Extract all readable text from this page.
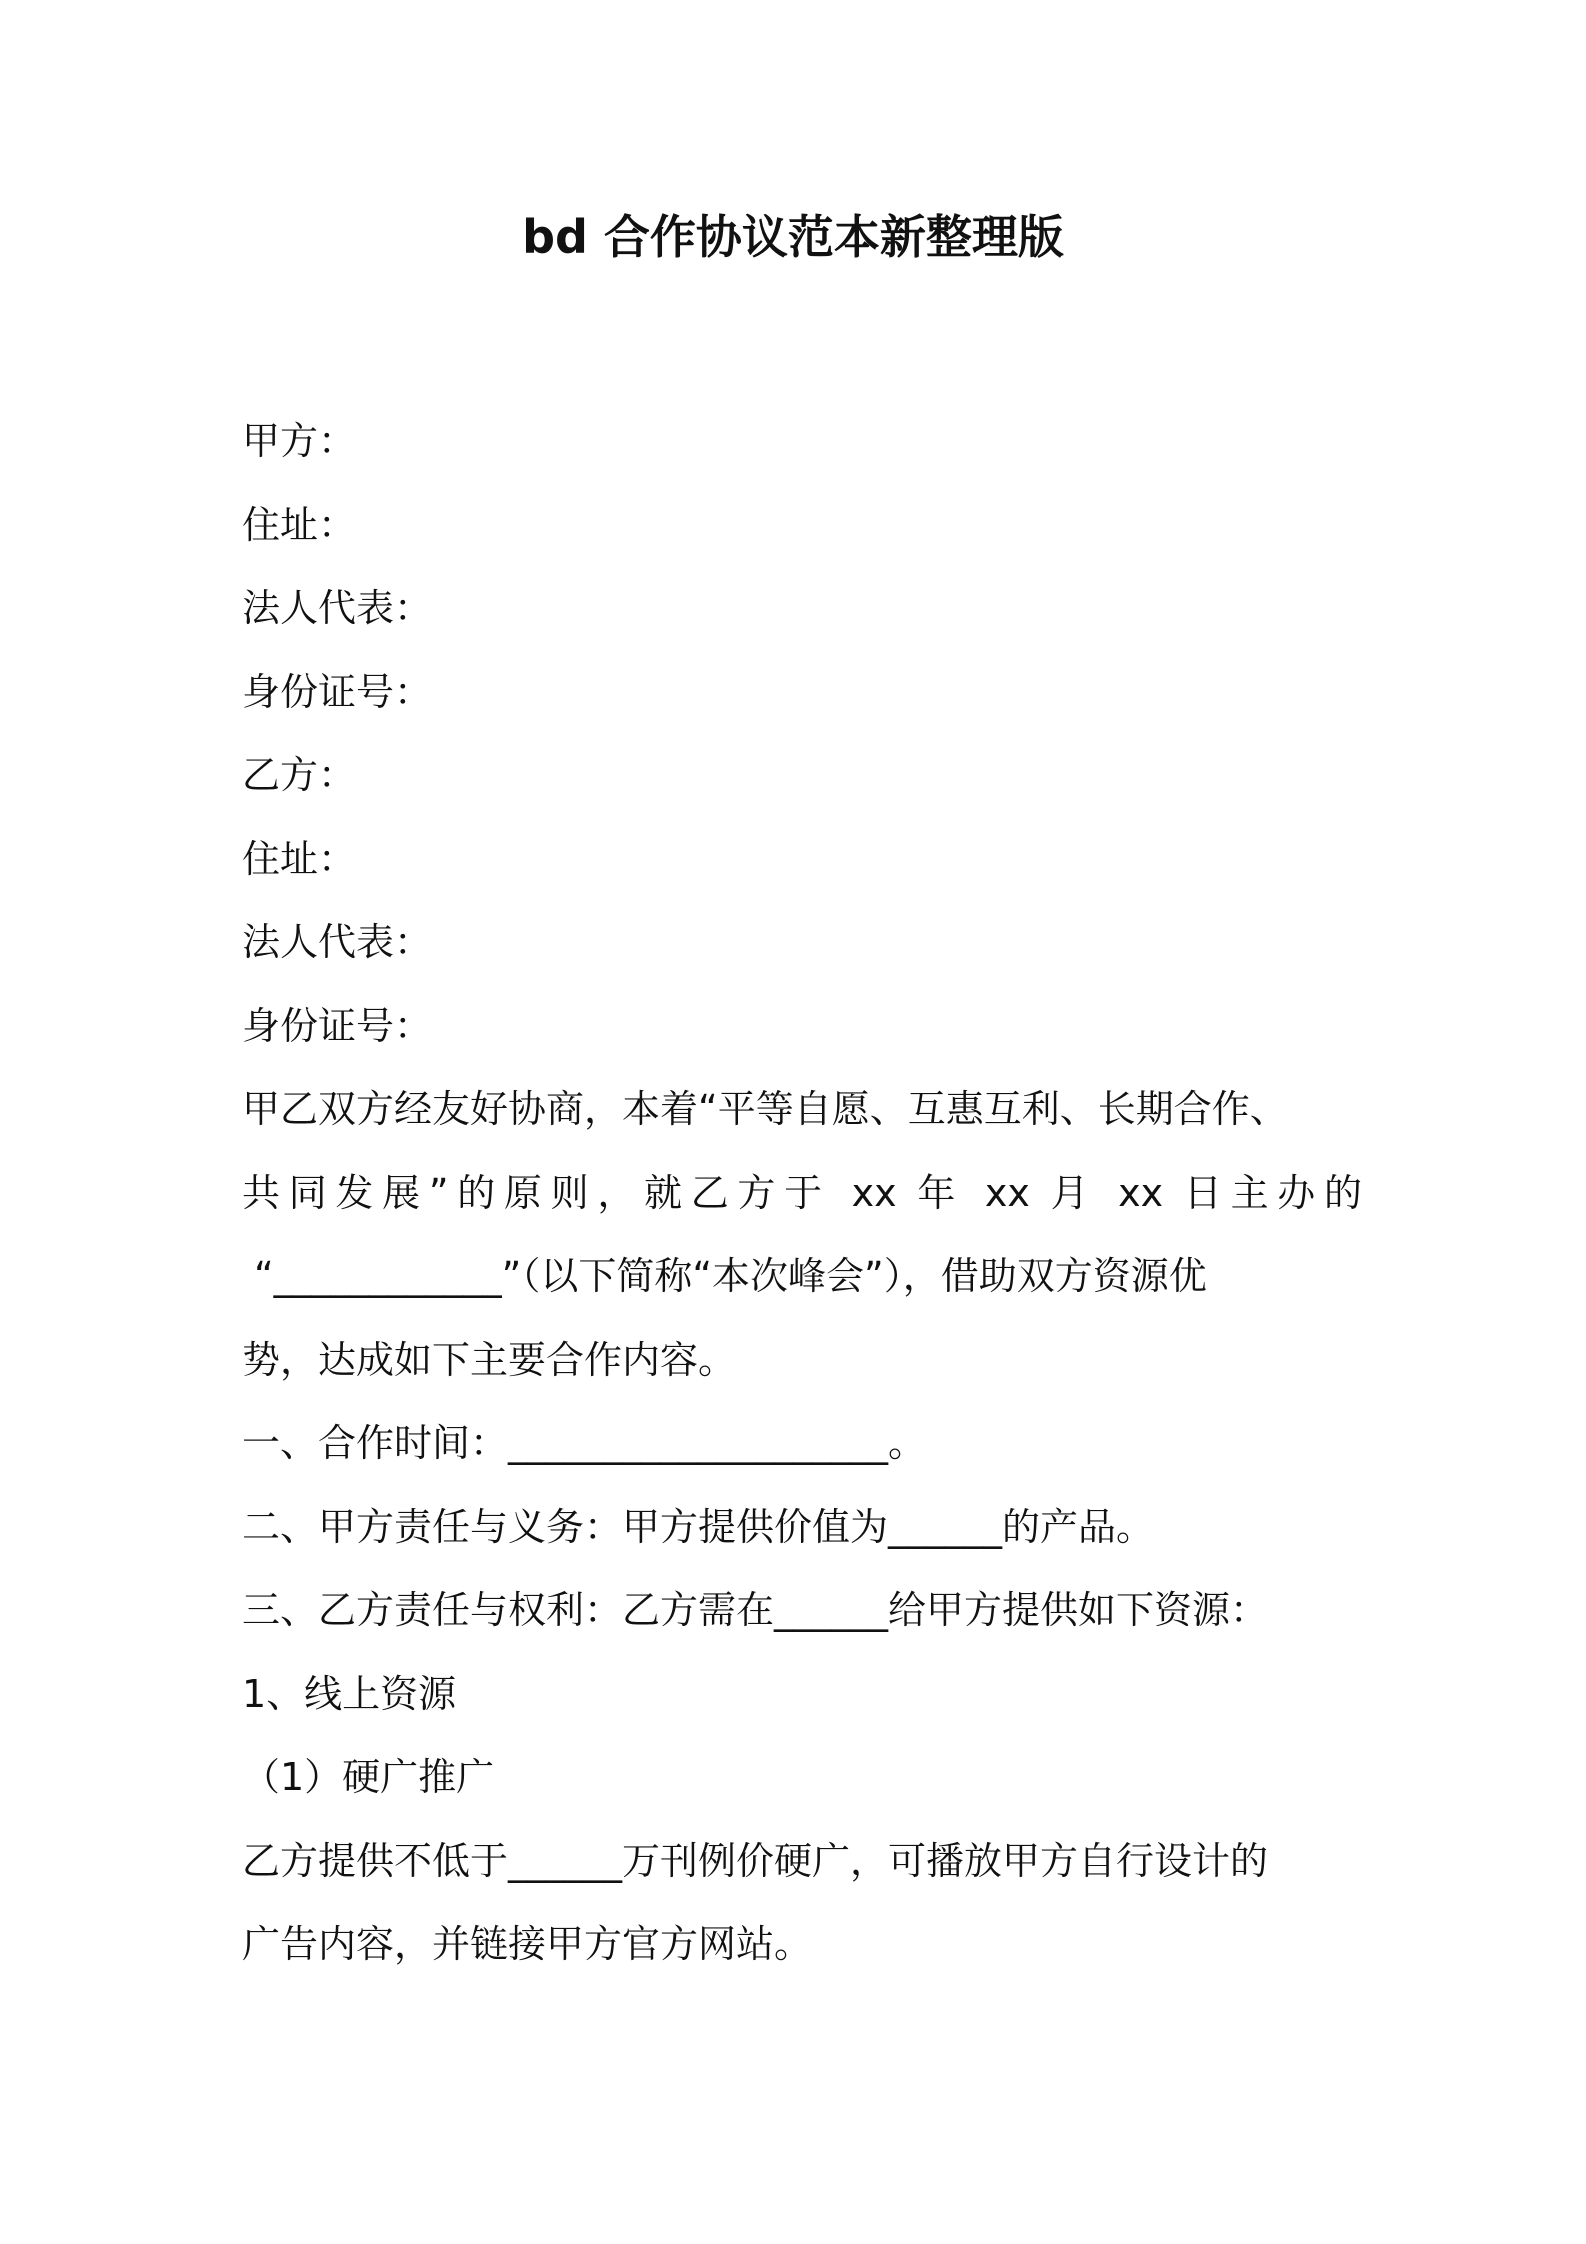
bd 合作协议范本新整理版
甲方：
住址：
法人代表：
身份证号：
乙方：
住址：
法人代表：
身份证号：
甲乙双方经友好协商，本着“平等自愿、互惠互利、长期合作、
共同发展”的原则，就乙方于 xx 年 xx 月 xx 日主办的
“____________”（以下简称“本次峰会”），借助双方资源优
势，达成如下主要合作内容。
一、合作时间：____________________。
二、甲方责任与义务：甲方提供价值为______的产品。
三、乙方责任与权利：乙方需在______给甲方提供如下资源：
1、线上资源
（1）硬广推广
乙方提供不低于______万刊例价硬广，可播放甲方自行设计的
广告内容，并链接甲方官方网站。
